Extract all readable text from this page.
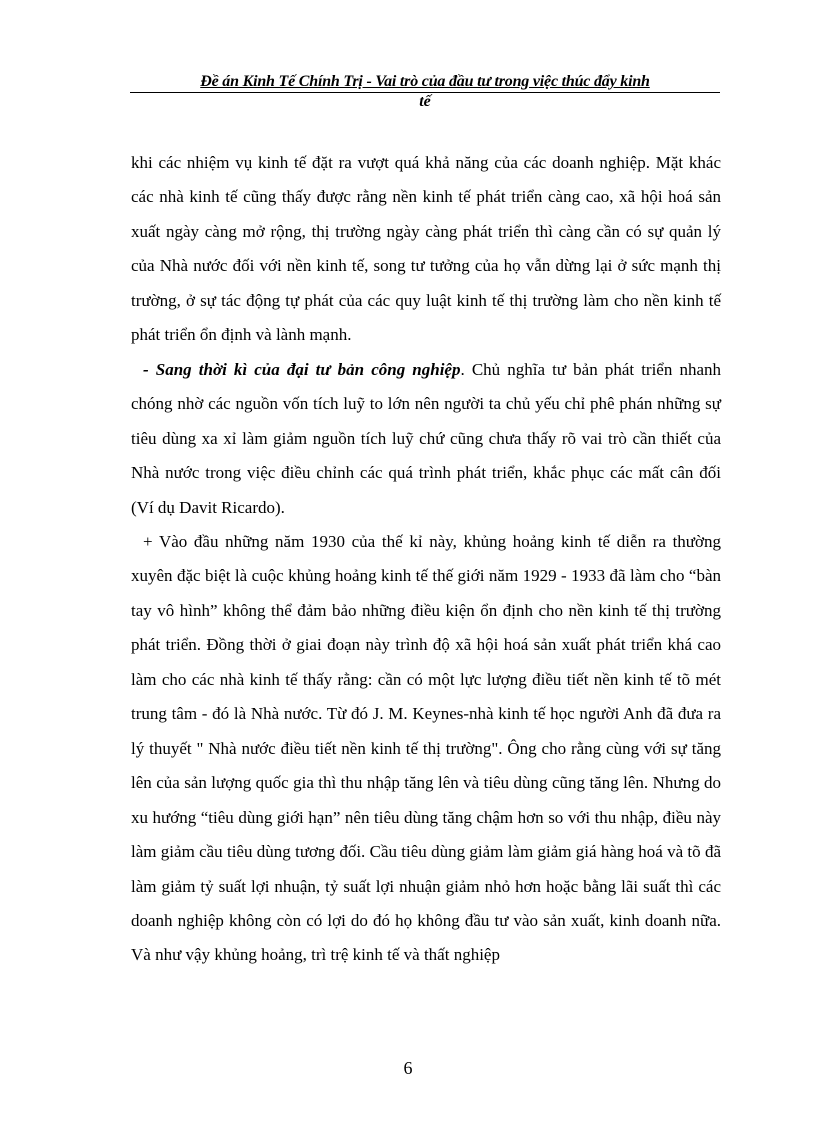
Đề án Kinh Tế Chính Trị - Vai trò của đầu tư trong việc thúc đẩy kinh
tế

khi các nhiệm vụ kinh tế đặt ra vượt quá khả năng của các doanh nghiệp. Mặt khác các nhà kinh tế cũng thấy được rằng nền kinh tế phát triển càng cao, xã hội hoá sản xuất ngày càng mở rộng, thị trường ngày càng phát triển thì càng cần có sự quản lý của Nhà nước đối với nền kinh tế, song tư tưởng của họ vẫn dừng lại ở sức mạnh thị trường, ở sự tác động tự phát của các quy luật kinh tế thị trường làm cho nền kinh tế phát triển ổn định và lành mạnh.

- Sang thời kì của đại tư bản công nghiệp. Chủ nghĩa tư bản phát triển nhanh chóng nhờ các nguồn vốn tích luỹ to lớn nên người ta chủ yếu chỉ phê phán những sự tiêu dùng xa xỉ làm giảm nguồn tích luỹ chứ cũng chưa thấy rõ vai trò cần thiết của Nhà nước trong việc điều chỉnh các quá trình phát triển, khắc phục các mất cân đối (Ví dụ Davit Ricardo).

+ Vào đầu những năm 1930 của thế kỉ này, khủng hoảng kinh tế diễn ra thường xuyên đặc biệt là cuộc khủng hoảng kinh tế thế giới năm 1929 - 1933 đã làm cho “bàn tay vô hình” không thể đảm bảo những điều kiện ổn định cho nền kinh tế thị trường phát triển. Đồng thời ở giai đoạn này trình độ xã hội hoá sản xuất phát triển khá cao làm cho các nhà kinh tế thấy rằng: cần có một lực lượng điều tiết nền kinh tế tõ mét trung tâm - đó là Nhà nước. Từ đó J. M. Keynes-nhà kinh tế học người Anh đã đưa ra lý thuyết " Nhà nước điều tiết nền kinh tế thị trường". Ông cho rằng cùng với sự tăng lên của sản lượng quốc gia thì thu nhập tăng lên và tiêu dùng cũng tăng lên. Nhưng do xu hướng “tiêu dùng giới hạn” nên tiêu dùng tăng chậm hơn so với thu nhập, điều này làm giảm cầu tiêu dùng tương đối. Cầu tiêu dùng giảm làm giảm giá hàng hoá và tõ đã làm giảm tỷ suất lợi nhuận, tỷ suất lợi nhuận giảm nhỏ hơn hoặc bằng lãi suất thì các doanh nghiệp không còn có lợi do đó họ không đầu tư vào sản xuất, kinh doanh nữa. Và như vậy khủng hoảng, trì trệ kinh tế và thất nghiệp

6
